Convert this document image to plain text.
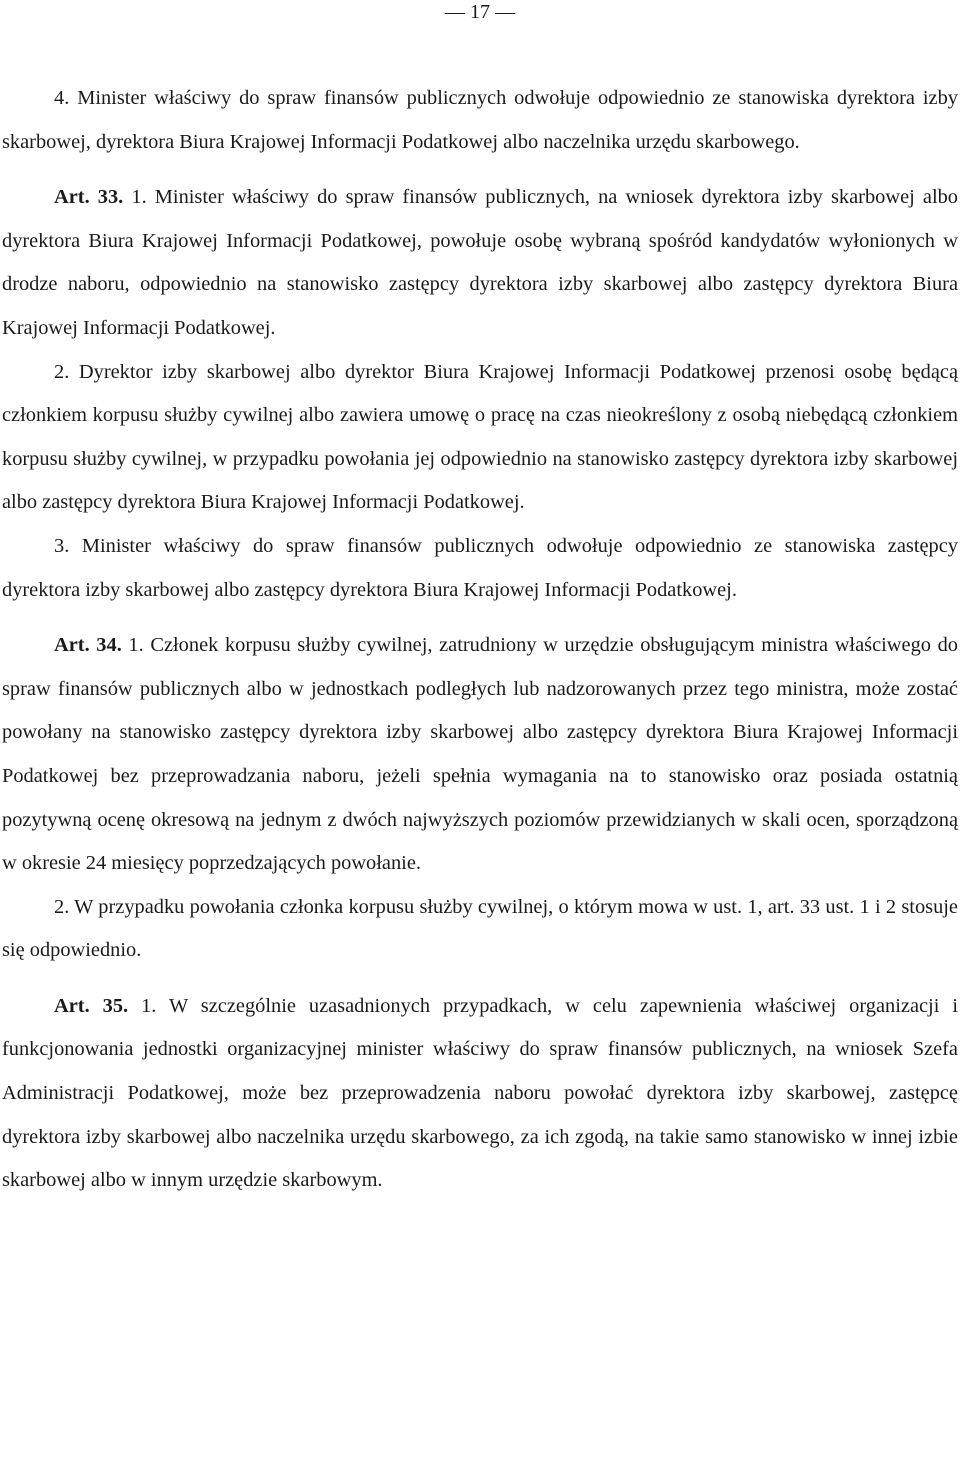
— 17 —

4. Minister właściwy do spraw finansów publicznych odwołuje odpowiednio ze stanowiska dyrektora izby skarbowej, dyrektora Biura Krajowej Informacji Podatkowej albo naczelnika urzędu skarbowego.

Art. 33. 1. Minister właściwy do spraw finansów publicznych, na wniosek dyrektora izby skarbowej albo dyrektora Biura Krajowej Informacji Podatkowej, powołuje osobę wybraną spośród kandydatów wyłonionych w drodze naboru, odpowiednio na stanowisko zastępcy dyrektora izby skarbowej albo zastępcy dyrektora Biura Krajowej Informacji Podatkowej.

2. Dyrektor izby skarbowej albo dyrektor Biura Krajowej Informacji Podatkowej przenosi osobę będącą członkiem korpusu służby cywilnej albo zawiera umowę o pracę na czas nieokreślony z osobą niebędącą członkiem korpusu służby cywilnej, w przypadku powołania jej odpowiednio na stanowisko zastępcy dyrektora izby skarbowej albo zastępcy dyrektora Biura Krajowej Informacji Podatkowej.

3. Minister właściwy do spraw finansów publicznych odwołuje odpowiednio ze stanowiska zastępcy dyrektora izby skarbowej albo zastępcy dyrektora Biura Krajowej Informacji Podatkowej.

Art. 34. 1. Członek korpusu służby cywilnej, zatrudniony w urzędzie obsługującym ministra właściwego do spraw finansów publicznych albo w jednostkach podległych lub nadzorowanych przez tego ministra, może zostać powołany na stanowisko zastępcy dyrektora izby skarbowej albo zastępcy dyrektora Biura Krajowej Informacji Podatkowej bez przeprowadzania naboru, jeżeli spełnia wymagania na to stanowisko oraz posiada ostatnią pozytywną ocenę okresową na jednym z dwóch najwyższych poziomów przewidzianych w skali ocen, sporządzoną w okresie 24 miesięcy poprzedzających powołanie.

2. W przypadku powołania członka korpusu służby cywilnej, o którym mowa w ust. 1, art. 33 ust. 1 i 2 stosuje się odpowiednio.

Art. 35. 1. W szczególnie uzasadnionych przypadkach, w celu zapewnienia właściwej organizacji i funkcjonowania jednostki organizacyjnej minister właściwy do spraw finansów publicznych, na wniosek Szefa Administracji Podatkowej, może bez przeprowadzenia naboru powołać dyrektora izby skarbowej, zastępcę dyrektora izby skarbowej albo naczelnika urzędu skarbowego, za ich zgodą, na takie samo stanowisko w innej izbie skarbowej albo w innym urzędzie skarbowym.
